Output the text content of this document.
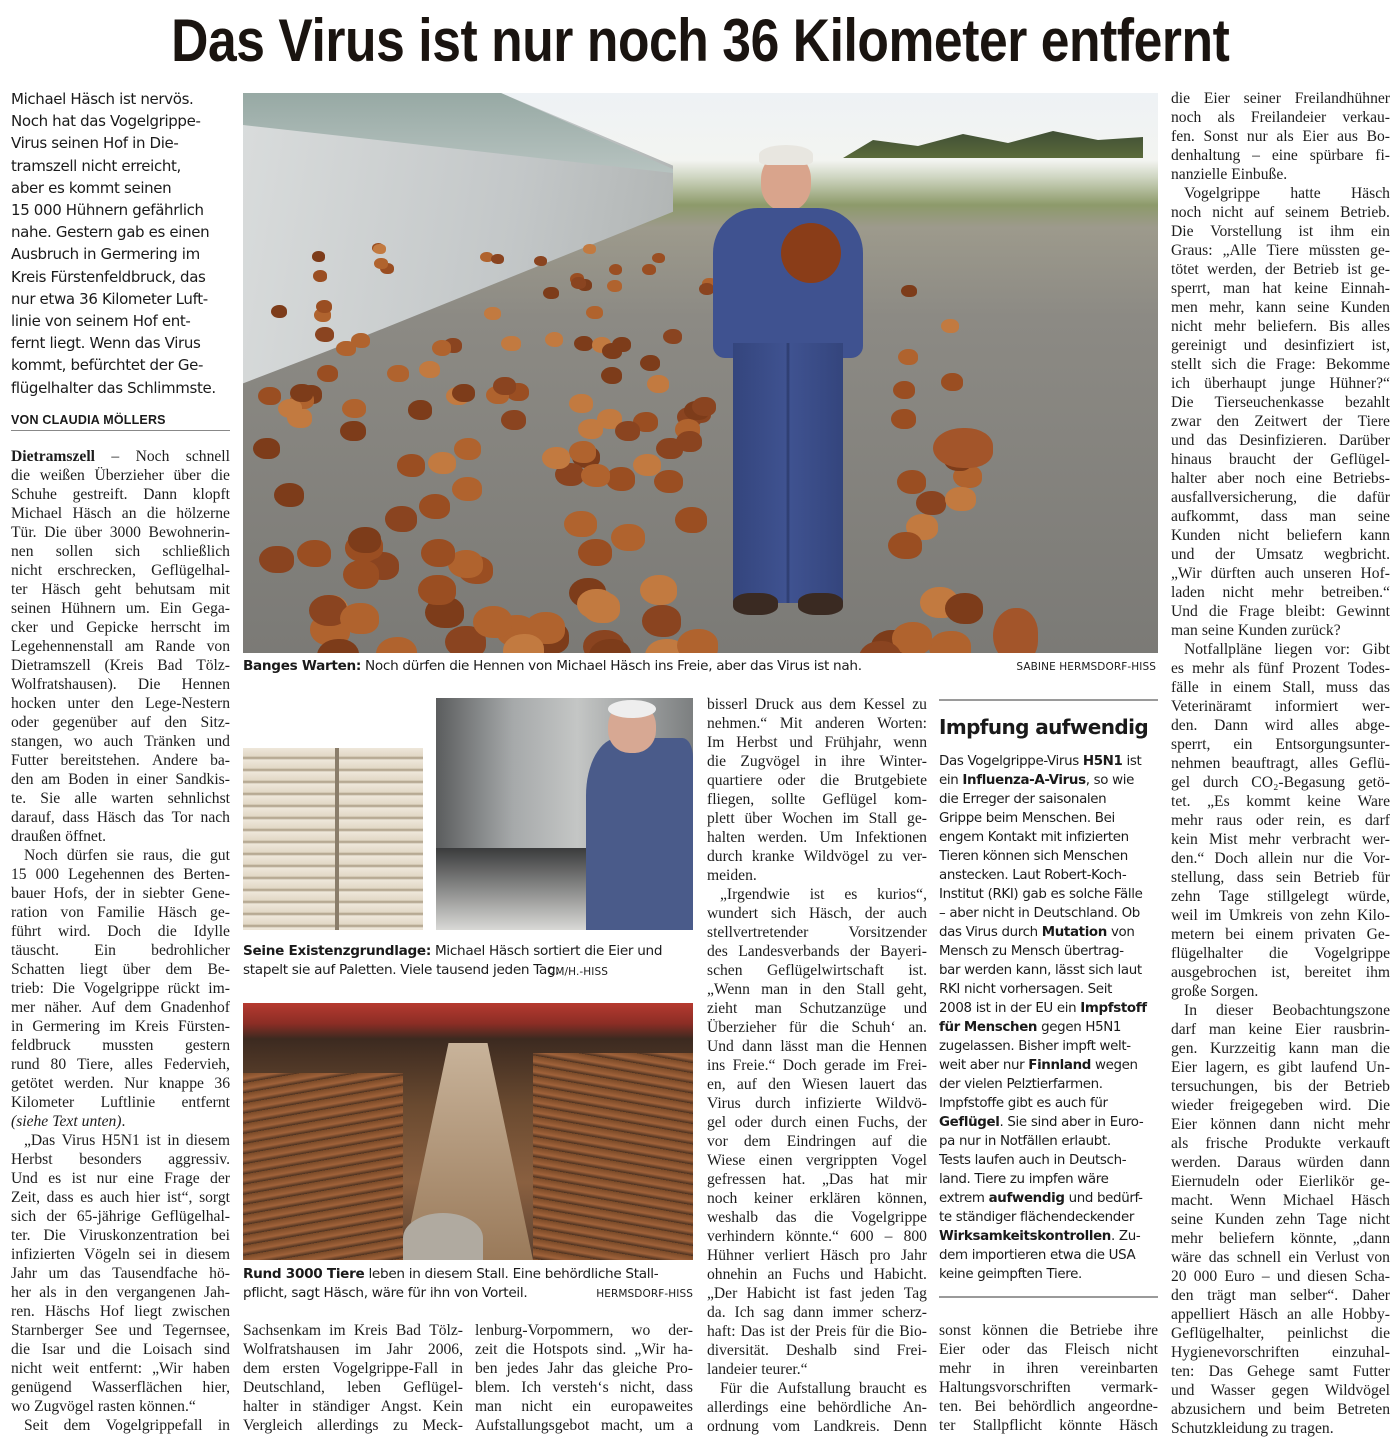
Das Virus ist nur noch 36 Kilometer entfernt
Michael Häsch ist nervös.
Noch hat das Vogelgrippe-
Virus seinen Hof in Die-
tramszell nicht erreicht,
aber es kommt seinen
15 000 Hühnern gefährlich
nahe. Gestern gab es einen
Ausbruch in Germering im
Kreis Fürstenfeldbruck, das
nur etwa 36 Kilometer Luft-
linie von seinem Hof ent-
fernt liegt. Wenn das Virus
kommt, befürchtet der Ge-
flügelhalter das Schlimmste.
VON CLAUDIA MÖLLERS
Dietramszell – Noch schnell
die weißen Überzieher über die
Schuhe gestreift. Dann klopft
Michael Häsch an die hölzerne
Tür. Die über 3000 Bewohnerin-
nen sollen sich schließlich
nicht erschrecken, Geflügelhal-
ter Häsch geht behutsam mit
seinen Hühnern um. Ein Gega-
cker und Gepicke herrscht im
Legehennenstall am Rande von
Dietramszell (Kreis Bad Tölz-
Wolfratshausen). Die Hennen
hocken unter den Lege-Nestern
oder gegenüber auf den Sitz-
stangen, wo auch Tränken und
Futter bereitstehen. Andere ba-
den am Boden in einer Sandkis-
te. Sie alle warten sehnlichst
darauf, dass Häsch das Tor nach
draußen öffnet.
Noch dürfen sie raus, die gut
15 000 Legehennen des Berten-
bauer Hofs, der in siebter Gene-
ration von Familie Häsch ge-
führt wird. Doch die Idylle
täuscht. Ein bedrohlicher
Schatten liegt über dem Be-
trieb: Die Vogelgrippe rückt im-
mer näher. Auf dem Gnadenhof
in Germering im Kreis Fürsten-
feldbruck mussten gestern
rund 80 Tiere, alles Federvieh,
getötet werden. Nur knappe 36
Kilometer Luftlinie entfernt
(siehe Text unten).
„Das Virus H5N1 ist in diesem
Herbst besonders aggressiv.
Und es ist nur eine Frage der
Zeit, dass es auch hier ist“, sorgt
sich der 65-jährige Geflügelhal-
ter. Die Viruskonzentration bei
infizierten Vögeln sei in diesem
Jahr um das Tausendfache hö-
her als in den vergangenen Jah-
ren. Häschs Hof liegt zwischen
Starnberger See und Tegernsee,
die Isar und die Loisach sind
nicht weit entfernt: „Wir haben
genügend Wasserflächen hier,
wo Zugvögel rasten können.“
Seit dem Vogelgrippefall in
Banges Warten: Noch dürfen die Hennen von Michael Häsch ins Freie, aber das Virus ist nah.	SABINE HERMSDORF-HISS
Seine Existenzgrundlage: Michael Häsch sortiert die Eier und
stapelt sie auf Paletten. Viele tausend jeden Tag.
CM/H.-HISS
Rund 3000 Tiere leben in diesem Stall. Eine behördliche Stall-
pflicht, sagt Häsch, wäre für ihn von Vorteil.	HERMSDORF-HISS
Sachsenkam im Kreis Bad Tölz-
Wolfratshausen im Jahr 2006,
dem ersten Vogelgrippe-Fall in
Deutschland, leben Geflügel-
halter in ständiger Angst. Kein
Vergleich allerdings zu Meck-
lenburg-Vorpommern, wo der-
zeit die Hotspots sind. „Wir ha-
ben jedes Jahr das gleiche Pro-
blem. Ich versteh‘s nicht, dass
man nicht ein europaweites
Aufstallungsgebot macht, um a
bisserl Druck aus dem Kessel zu
nehmen.“ Mit anderen Worten:
Im Herbst und Frühjahr, wenn
die Zugvögel in ihre Winter-
quartiere oder die Brutgebiete
fliegen, sollte Geflügel kom-
plett über Wochen im Stall ge-
halten werden. Um Infektionen
durch kranke Wildvögel zu ver-
meiden.
„Irgendwie ist es kurios“,
wundert sich Häsch, der auch
stellvertretender	Vorsitzender
des Landesverbands der Bayeri-
schen Geflügelwirtschaft ist.
„Wenn man in den Stall geht,
zieht man Schutzanzüge und
Überzieher für die Schuh‘ an.
Und dann lässt man die Hennen
ins Freie.“ Doch gerade im Frei-
en, auf den Wiesen lauert das
Virus durch infizierte Wildvö-
gel oder durch einen Fuchs, der
vor dem Eindringen auf die
Wiese einen vergrippten Vogel
gefressen hat. „Das hat mir
noch keiner erklären können,
weshalb das die Vogelgrippe
verhindern könnte.“ 600 – 800
Hühner verliert Häsch pro Jahr
ohnehin an Fuchs und Habicht.
„Der Habicht ist fast jeden Tag
da. Ich sag dann immer scherz-
haft: Das ist der Preis für die Bio-
diversität. Deshalb sind Frei-
landeier teurer.“
Für die Aufstallung braucht es
allerdings eine behördliche An-
ordnung vom Landkreis. Denn
Impfung aufwendig
Das Vogelgrippe-Virus H5N1 ist
ein Influenza-A-Virus, so wie
die Erreger der saisonalen
Grippe beim Menschen. Bei
engem Kontakt mit infizierten
Tieren können sich Menschen
anstecken. Laut Robert-Koch-
Institut (RKI) gab es solche Fälle
– aber nicht in Deutschland. Ob
das Virus durch Mutation von
Mensch zu Mensch übertrag-
bar werden kann, lässt sich laut
RKI nicht vorhersagen. Seit
2008 ist in der EU ein Impfstoff
für Menschen gegen H5N1
zugelassen. Bisher impft welt-
weit aber nur Finnland wegen
der vielen Pelztierfarmen.
Impfstoffe gibt es auch für
Geflügel. Sie sind aber in Euro-
pa nur in Notfällen erlaubt.
Tests laufen auch in Deutsch-
land. Tiere zu impfen wäre
extrem aufwendig und bedürf-
te ständiger flächendeckender
Wirksamkeitskontrollen. Zu-
dem importieren etwa die USA
keine geimpften Tiere.
sonst können die Betriebe ihre
Eier oder das Fleisch nicht
mehr in ihren vereinbarten
Haltungsvorschriften vermark-
ten. Bei behördlich angeordne-
ter Stallpflicht könnte Häsch
die Eier seiner Freilandhühner
noch als Freilandeier verkau-
fen. Sonst nur als Eier aus Bo-
denhaltung – eine spürbare fi-
nanzielle Einbuße.
Vogelgrippe hatte Häsch
noch nicht auf seinem Betrieb.
Die Vorstellung ist ihm ein
Graus: „Alle Tiere müssten ge-
tötet werden, der Betrieb ist ge-
sperrt, man hat keine Einnah-
men mehr, kann seine Kunden
nicht mehr beliefern. Bis alles
gereinigt und desinfiziert ist,
stellt sich die Frage: Bekomme
ich überhaupt junge Hühner?“
Die Tierseuchenkasse bezahlt
zwar den Zeitwert der Tiere
und das Desinfizieren. Darüber
hinaus braucht der Geflügel-
halter aber noch eine Betriebs-
ausfallversicherung, die dafür
aufkommt, dass man seine
Kunden nicht beliefern kann
und der Umsatz wegbricht.
„Wir dürften auch unseren Hof-
laden nicht mehr betreiben.“
Und die Frage bleibt: Gewinnt
man seine Kunden zurück?
Notfallpläne liegen vor: Gibt
es mehr als fünf Prozent Todes-
fälle in einem Stall, muss das
Veterinäramt informiert wer-
den. Dann wird alles abge-
sperrt, ein Entsorgungsunter-
nehmen beauftragt, alles Geflü-
gel durch CO₂-Begasung getö-
tet. „Es kommt keine Ware
mehr raus oder rein, es darf
kein Mist mehr verbracht wer-
den.“ Doch allein nur die Vor-
stellung, dass sein Betrieb für
zehn Tage stillgelegt würde,
weil im Umkreis von zehn Kilo-
metern bei einem privaten Ge-
flügelhalter die Vogelgrippe
ausgebrochen ist, bereitet ihm
große Sorgen.
In dieser Beobachtungszone
darf man keine Eier rausbrin-
gen. Kurzzeitig kann man die
Eier lagern, es gibt laufend Un-
tersuchungen, bis der Betrieb
wieder freigegeben wird. Die
Eier können dann nicht mehr
als frische Produkte verkauft
werden. Daraus würden dann
Eiernudeln oder Eierlikör ge-
macht. Wenn Michael Häsch
seine Kunden zehn Tage nicht
mehr beliefern könnte, „dann
wäre das schnell ein Verlust von
20 000 Euro – und diesen Scha-
den trägt man selber“. Daher
appelliert Häsch an alle Hobby-
Geflügelhalter, peinlichst die
Hygienevorschriften einzuhal-
ten: Das Gehege samt Futter
und Wasser gegen Wildvögel
abzusichern und beim Betreten
Schutzkleidung zu tragen.
